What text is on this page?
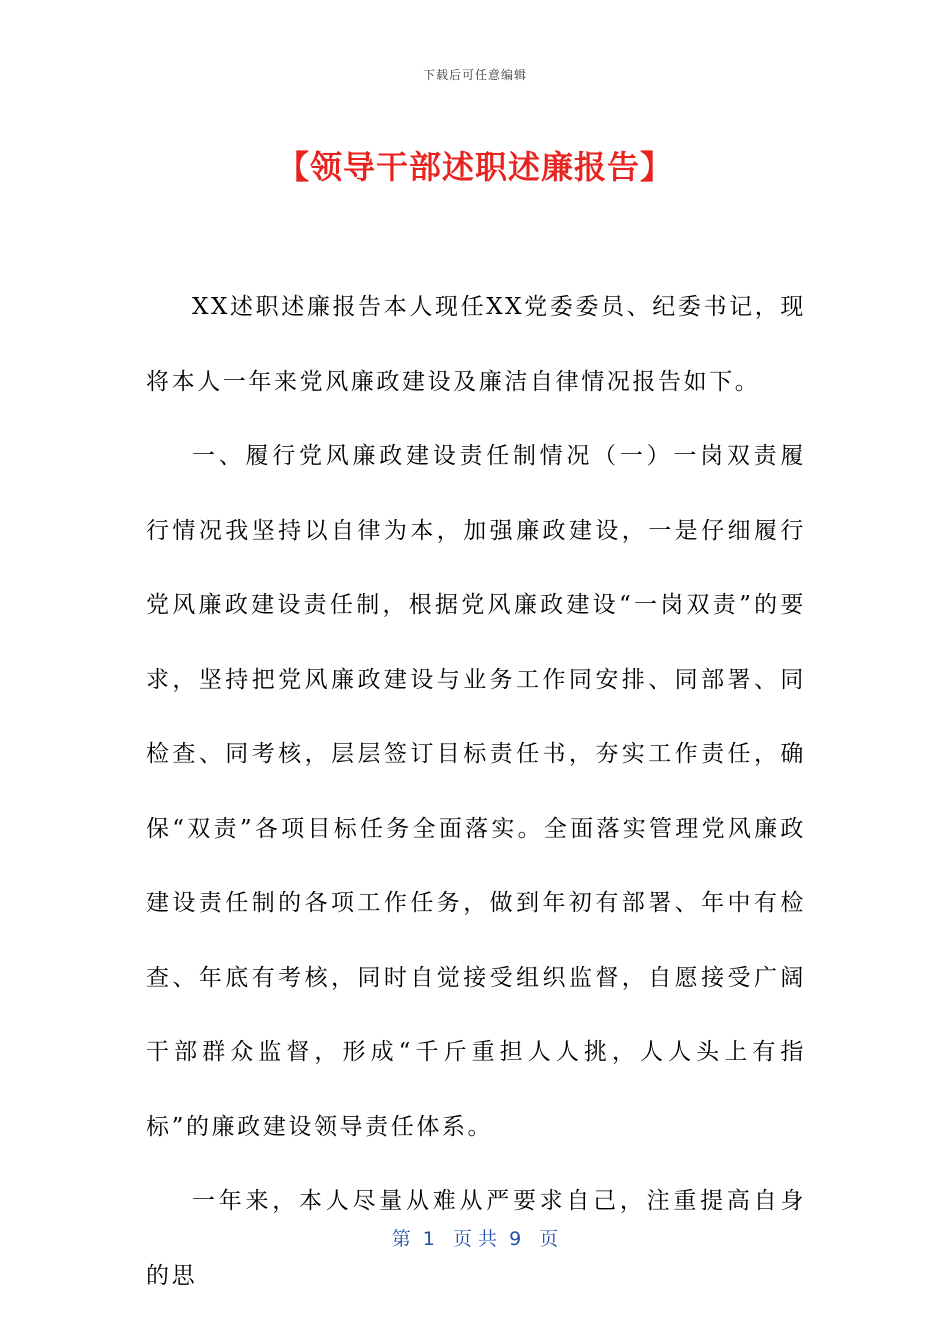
下载后可任意编辑
【领导干部述职述廉报告】

XX述职述廉报告本人现任XX党委委员、纪委书记，现将本人一年来党风廉政建设及廉洁自律情况报告如下。

一、履行党风廉政建设责任制情况（一）一岗双责履行情况我坚持以自律为本，加强廉政建设，一是仔细履行党风廉政建设责任制，根据党风廉政建设“一岗双责”的要求，坚持把党风廉政建设与业务工作同安排、同部署、同检查、同考核，层层签订目标责任书，夯实工作责任，确保“双责”各项目标任务全面落实。全面落实管理党风廉政建设责任制的各项工作任务，做到年初有部署、年中有检查、年底有考核，同时自觉接受组织监督，自愿接受广阔干部群众监督，形成“千斤重担人人挑，人人头上有指标”的廉政建设领导责任体系。

一年来，本人尽量从难从严要求自己，注重提高自身的思

第  1   页 共  9   页
